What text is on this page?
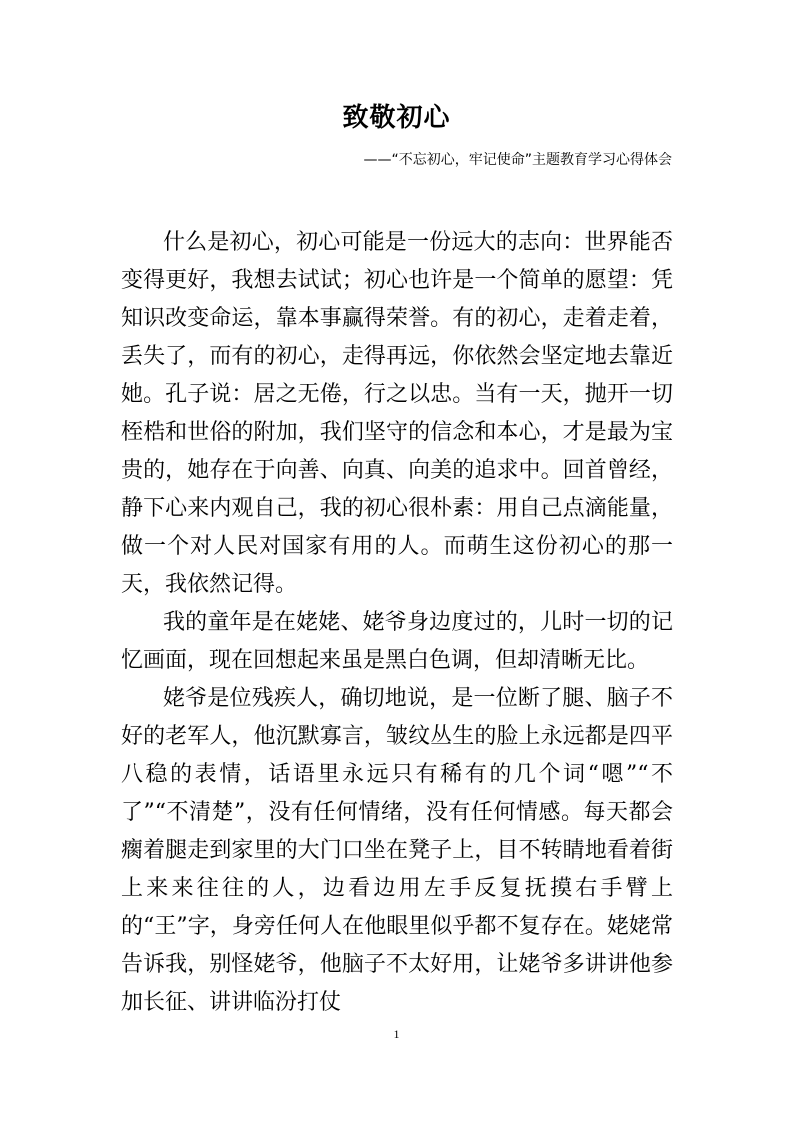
致敬初心
——“不忘初心，牢记使命”主题教育学习心得体会

什么是初心，初心可能是一份远大的志向：世界能否变得更好，我想去试试；初心也许是一个简单的愿望：凭知识改变命运，靠本事赢得荣誉。有的初心，走着走着，丢失了，而有的初心，走得再远，你依然会坚定地去靠近她。孔子说：居之无倦，行之以忠。当有一天，抛开一切桎梏和世俗的附加，我们坚守的信念和本心，才是最为宝贵的，她存在于向善、向真、向美的追求中。回首曾经，静下心来内观自己，我的初心很朴素：用自己点滴能量，做一个对人民对国家有用的人。而萌生这份初心的那一天，我依然记得。

我的童年是在姥姥、姥爷身边度过的，儿时一切的记忆画面，现在回想起来虽是黑白色调，但却清晰无比。

姥爷是位残疾人，确切地说，是一位断了腿、脑子不好的老军人，他沉默寡言，皱纹丛生的脸上永远都是四平八稳的表情，话语里永远只有稀有的几个词“嗯”“不了”“不清楚”，没有任何情绪，没有任何情感。每天都会瘸着腿走到家里的大门口坐在凳子上，目不转睛地看着街上来来往往的人，边看边用左手反复抚摸右手臂上的“王”字，身旁任何人在他眼里似乎都不复存在。姥姥常告诉我，别怪姥爷，他脑子不太好用，让姥爷多讲讲他参加长征、讲讲临汾打仗

1
